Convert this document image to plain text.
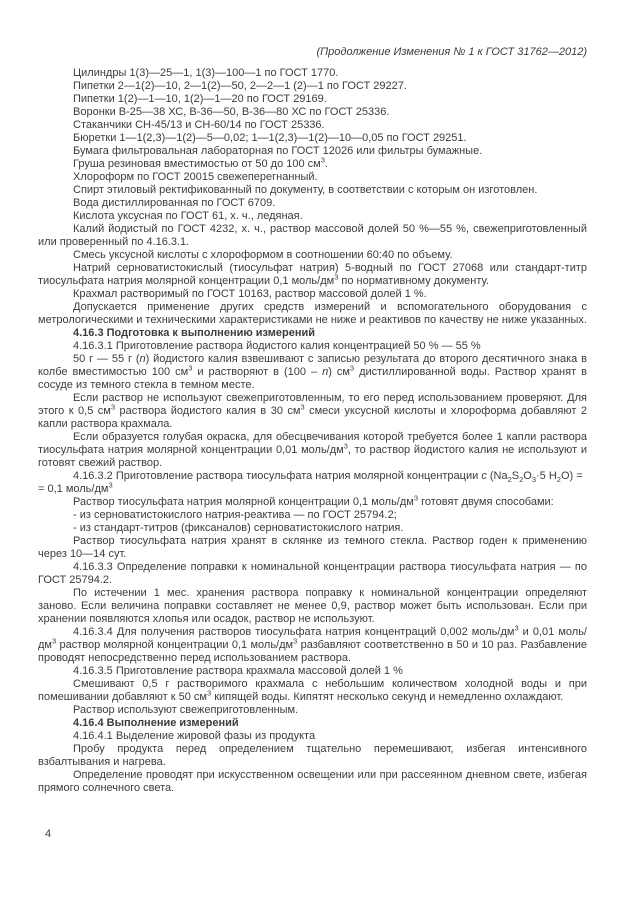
(Продолжение Изменения № 1 к ГОСТ 31762—2012)
Цилиндры 1(3)—25—1, 1(3)—100—1 по ГОСТ 1770.
Пипетки 2—1(2)—10, 2—1(2)—50, 2—2—1 (2)—1 по ГОСТ 29227.
Пипетки 1(2)—1—10, 1(2)—1—20 по ГОСТ 29169.
Воронки В-25—38 ХС, В-36—50, В-36—80 ХС по ГОСТ 25336.
Стаканчики СН-45/13 и СН-60/14 по ГОСТ 25336.
Бюретки 1—1(2,3)—1(2)—5—0,02; 1—1(2,3)—1(2)—10—0,05 по ГОСТ 29251.
Бумага фильтровальная лабораторная по ГОСТ 12026 или фильтры бумажные.
Груша резиновая вместимостью от 50 до 100 $см^3$.
Хлороформ по ГОСТ 20015 свежеперегнанный.
Спирт этиловый ректификованный по документу, в соответствии с которым он изготовлен.
Вода дистиллированная по ГОСТ 6709.
Кислота уксусная по ГОСТ 61, х. ч., ледяная.
Калий йодистый по ГОСТ 4232, х. ч., раствор массовой долей 50 %—55 %, свежеприготовленный или проверенный по 4.16.3.1.
Смесь уксусной кислоты с хлороформом в соотношении 60:40 по объему.
Натрий серноватистокислый (тиосульфат натрия) 5-водный по ГОСТ 27068 или стандарт-титр тиосульфата натрия молярной концентрации 0,1 моль/$дм^3$ по нормативному документу.
Крахмал растворимый по ГОСТ 10163, раствор массовой долей 1 %.
Допускается применение других средств измерений и вспомогательного оборудования с метрологическими и техническими характеристиками не ниже и реактивов по качеству не ниже указанных.
4.16.3 Подготовка к выполнению измерений
4.16.3.1 Приготовление раствора йодистого калия концентрацией 50 % — 55 %
50 г — 55 г (n) йодистого калия взвешивают с записью результата до второго десятичного знака в колбе вместимостью 100 $см^3$ и растворяют в (100 – n) $см^3$ дистиллированной воды. Раствор хранят в сосуде из темного стекла в темном месте.
Если раствор не используют свежеприготовленным, то его перед использованием проверяют. Для этого к 0,5 $см^3$ раствора йодистого калия в 30 $см^3$ смеси уксусной кислоты и хлороформа добавляют 2 капли раствора крахмала.
Если образуется голубая окраска, для обесцвечивания которой требуется более 1 капли раствора тиосульфата натрия молярной концентрации 0,01 моль/$дм^3$, то раствор йодистого калия не используют и готовят свежий раствор.
4.16.3.2 Приготовление раствора тиосульфата натрия молярной концентрации c ($Na_2S_2O_3\cdot 5$ $H_2O$) =
= 0,1 моль/$дм^3$
Раствор тиосульфата натрия молярной концентрации 0,1 моль/$дм^3$ готовят двумя способами:
- из серноватистокислого натрия-реактива — по ГОСТ 25794.2;
- из стандарт-титров (фиксаналов) серноватистокислого натрия.
Раствор тиосульфата натрия хранят в склянке из темного стекла. Раствор годен к применению через 10—14 сут.
4.16.3.3 Определение поправки к номинальной концентрации раствора тиосульфата натрия — по ГОСТ 25794.2.
По истечении 1 мес. хранения раствора поправку к номинальной концентрации определяют заново. Если величина поправки составляет не менее 0,9, раствор может быть использован. Если при хранении появляются хлопья или осадок, раствор не используют.
4.16.3.4 Для получения растворов тиосульфата натрия концентраций 0,002 моль/$дм^3$ и 0,01 моль/$дм^3$ раствор молярной концентрации 0,1 моль/$дм^3$ разбавляют соответственно в 50 и 10 раз. Разбавление проводят непосредственно перед использованием раствора.
4.16.3.5 Приготовление раствора крахмала массовой долей 1 %
Смешивают 0,5 г растворимого крахмала с небольшим количеством холодной воды и при помешивании добавляют к 50 $см^3$ кипящей воды. Кипятят несколько секунд и немедленно охлаждают.
Раствор используют свежеприготовленным.
4.16.4 Выполнение измерений
4.16.4.1 Выделение жировой фазы из продукта
Пробу продукта перед определением тщательно перемешивают, избегая интенсивного взбалтывания и нагрева.
Определение проводят при искусственном освещении или при рассеянном дневном свете, избегая прямого солнечного света.
4
